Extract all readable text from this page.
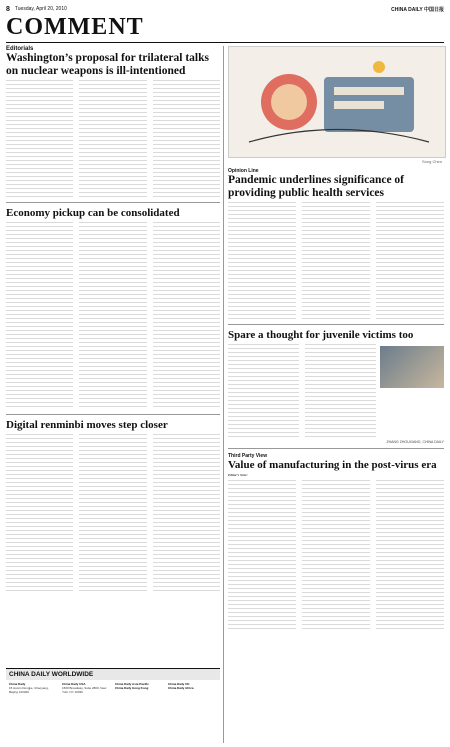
8 Tuesday, April 20, 2010	CHINA DAILY 中国日报
COMMENT
Editorials
Washington’s proposal for trilateral talks on nuclear weapons is ill-intentioned
Economy pickup can be consolidated
Digital renminbi moves step closer
CHINA DAILY WORLDWIDE
China Daily
15 Huixin Dongjie, Chaoyang, Beijing 100029
China Daily USA
1500 Broadway, Suite 2800, New York, NY 10036
China Daily Asia Pacific
China Daily Hong Kong
China Daily UK
China Daily Africa
Song Chen
Opinion Line
Pandemic underlines significance of providing public health services
Spare a thought for juvenile victims too
ZHANG ZHOUXIANG, CHINA DAILY
Third Party View
Value of manufacturing in the post-virus era
Editor’s Note:
